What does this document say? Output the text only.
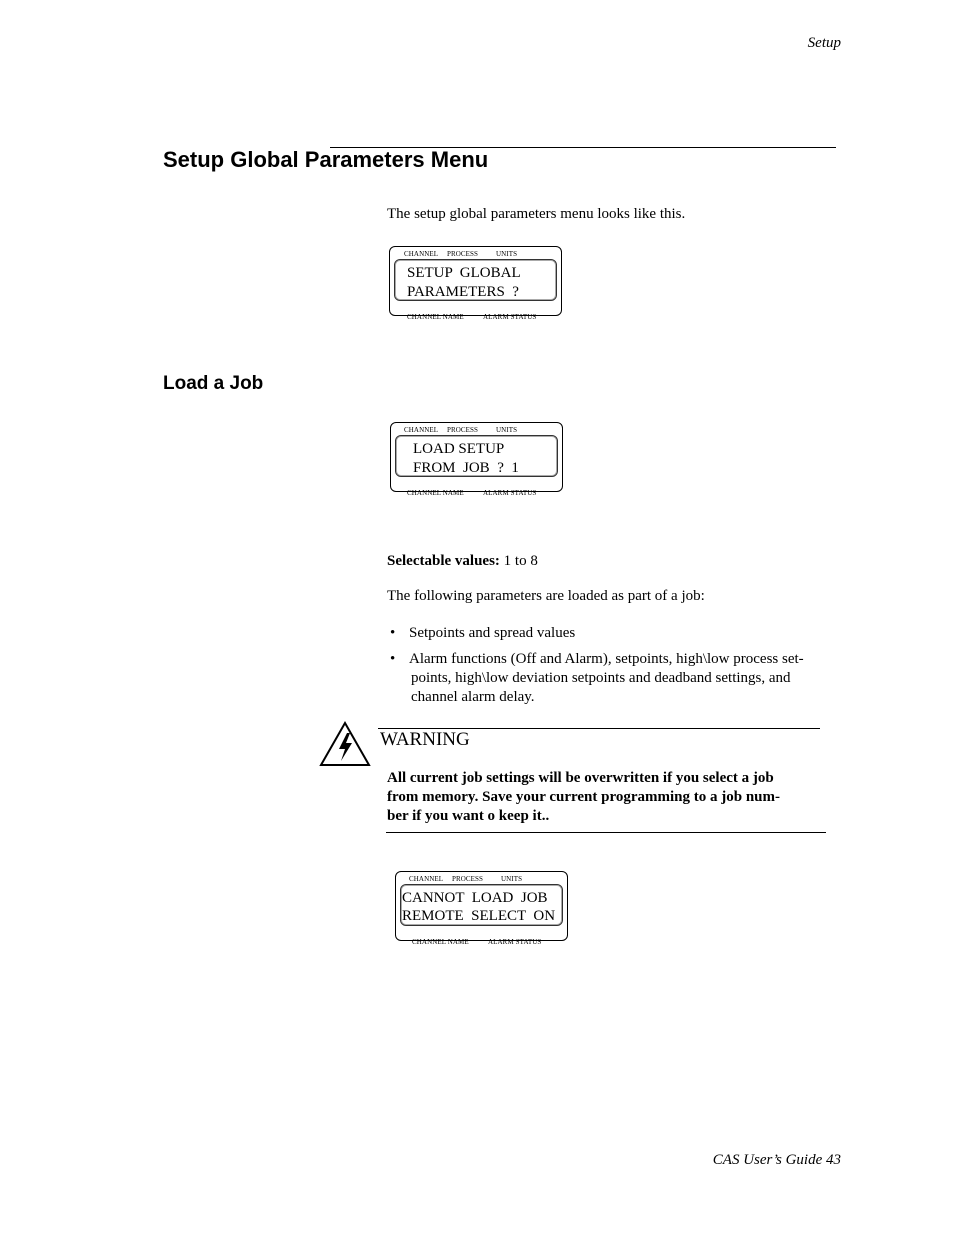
Setup
CAS User’s Guide 43
Setup Global Parameters Menu
The setup global parameters menu looks like this.
CHANNEL PROCESS	UNITS
SETUP  GLOBAL
PARAMETERS  ?
CHANNEL NAME	ALARM STATUS
Load a Job
CHANNEL PROCESS	UNITS
LOAD SETUP
FROM  JOB  ?  1
CHANNEL NAME	ALARM STATUS
Selectable values: 1 to 8
The following parameters are loaded as part of a job:
• Setpoints and spread values
• Alarm functions (Off and Alarm), setpoints, high\low process set-
points, high\low deviation setpoints and deadband settings, and
channel alarm delay.
WARNING
All current job settings will be overwritten if you select a job
from memory. Save your current programming to a job num-
ber if you want o keep it..
CHANNEL PROCESS	UNITS
CANNOT  LOAD  JOB
REMOTE  SELECT  ON
CHANNEL NAME	ALARM STATUS
